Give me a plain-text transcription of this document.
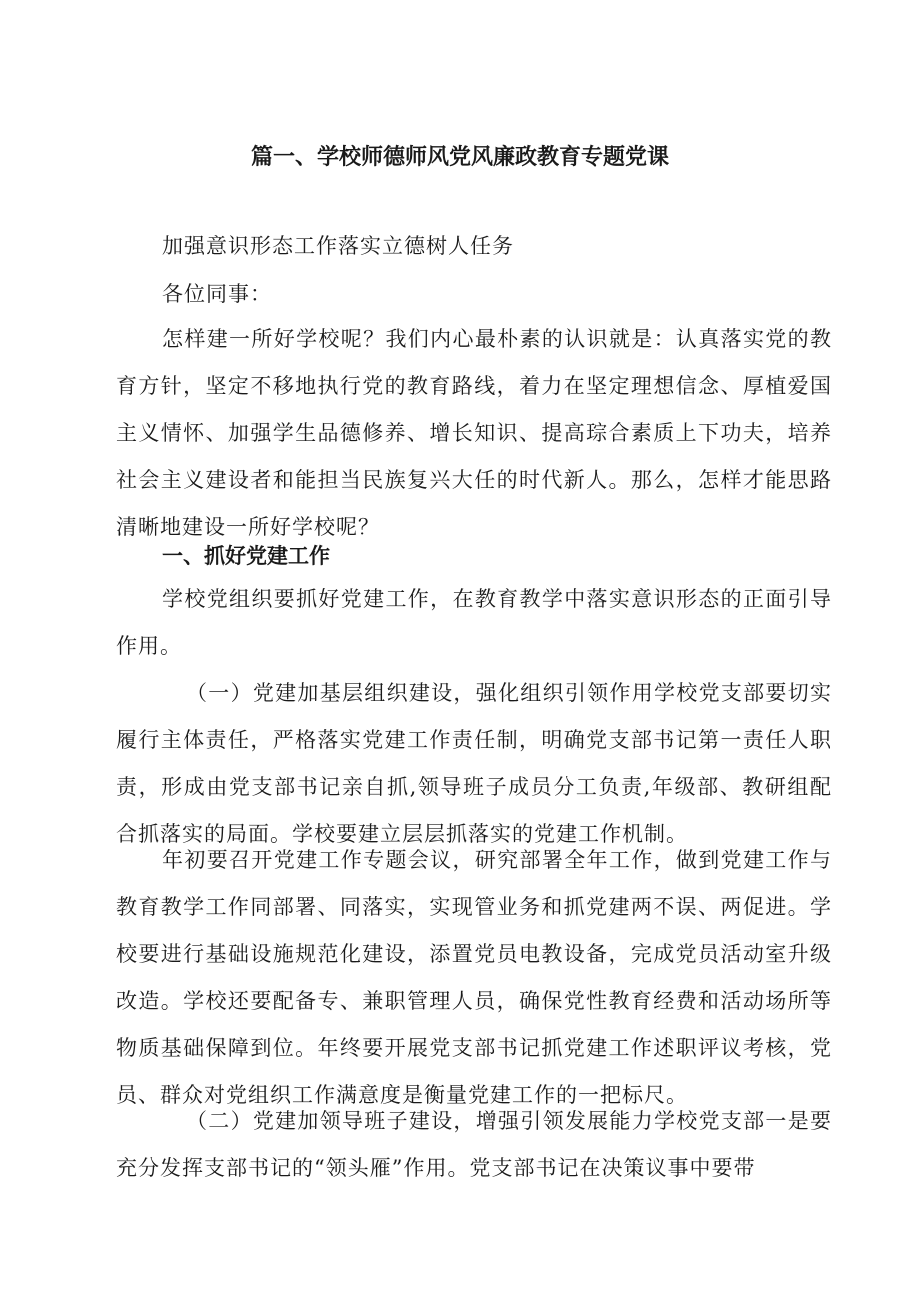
篇一、学校师德师风党风廉政教育专题党课
加强意识形态工作落实立德树人任务
各位同事：
怎样建一所好学校呢？我们内心最朴素的认识就是：认真落实党的教育方针，坚定不移地执行党的教育路线，着力在坚定理想信念、厚植爱国主义情怀、加强学生品德修养、增长知识、提高琮合素质上下功夫，培养社会主义建设者和能担当民族复兴大任的时代新人。那么，怎样才能思路清晰地建设一所好学校呢？
一、抓好党建工作
学校党组织要抓好党建工作，在教育教学中落实意识形态的正面引导作用。
（一）党建加基层组织建设，强化组织引领作用学校党支部要切实履行主体责任，严格落实党建工作责任制，明确党支部书记第一责任人职责，形成由党支部书记亲自抓,领导班子成员分工负责,年级部、教研组配合抓落实的局面。学校要建立层层抓落实的党建工作机制。
年初要召开党建工作专题会议，研究部署全年工作，做到党建工作与教育教学工作同部署、同落实，实现管业务和抓党建两不误、两促进。学校要进行基础设施规范化建设，添置党员电教设备，完成党员活动室升级改造。学校还要配备专、兼职管理人员，确保党性教育经费和活动场所等物质基础保障到位。年终要开展党支部书记抓党建工作述职评议考核，党员、群众对党组织工作满意度是衡量党建工作的一把标尺。
（二）党建加领导班子建设，增强引领发展能力学校党支部一是要充分发挥支部书记的“领头雁”作用。党支部书记在决策议事中要带
